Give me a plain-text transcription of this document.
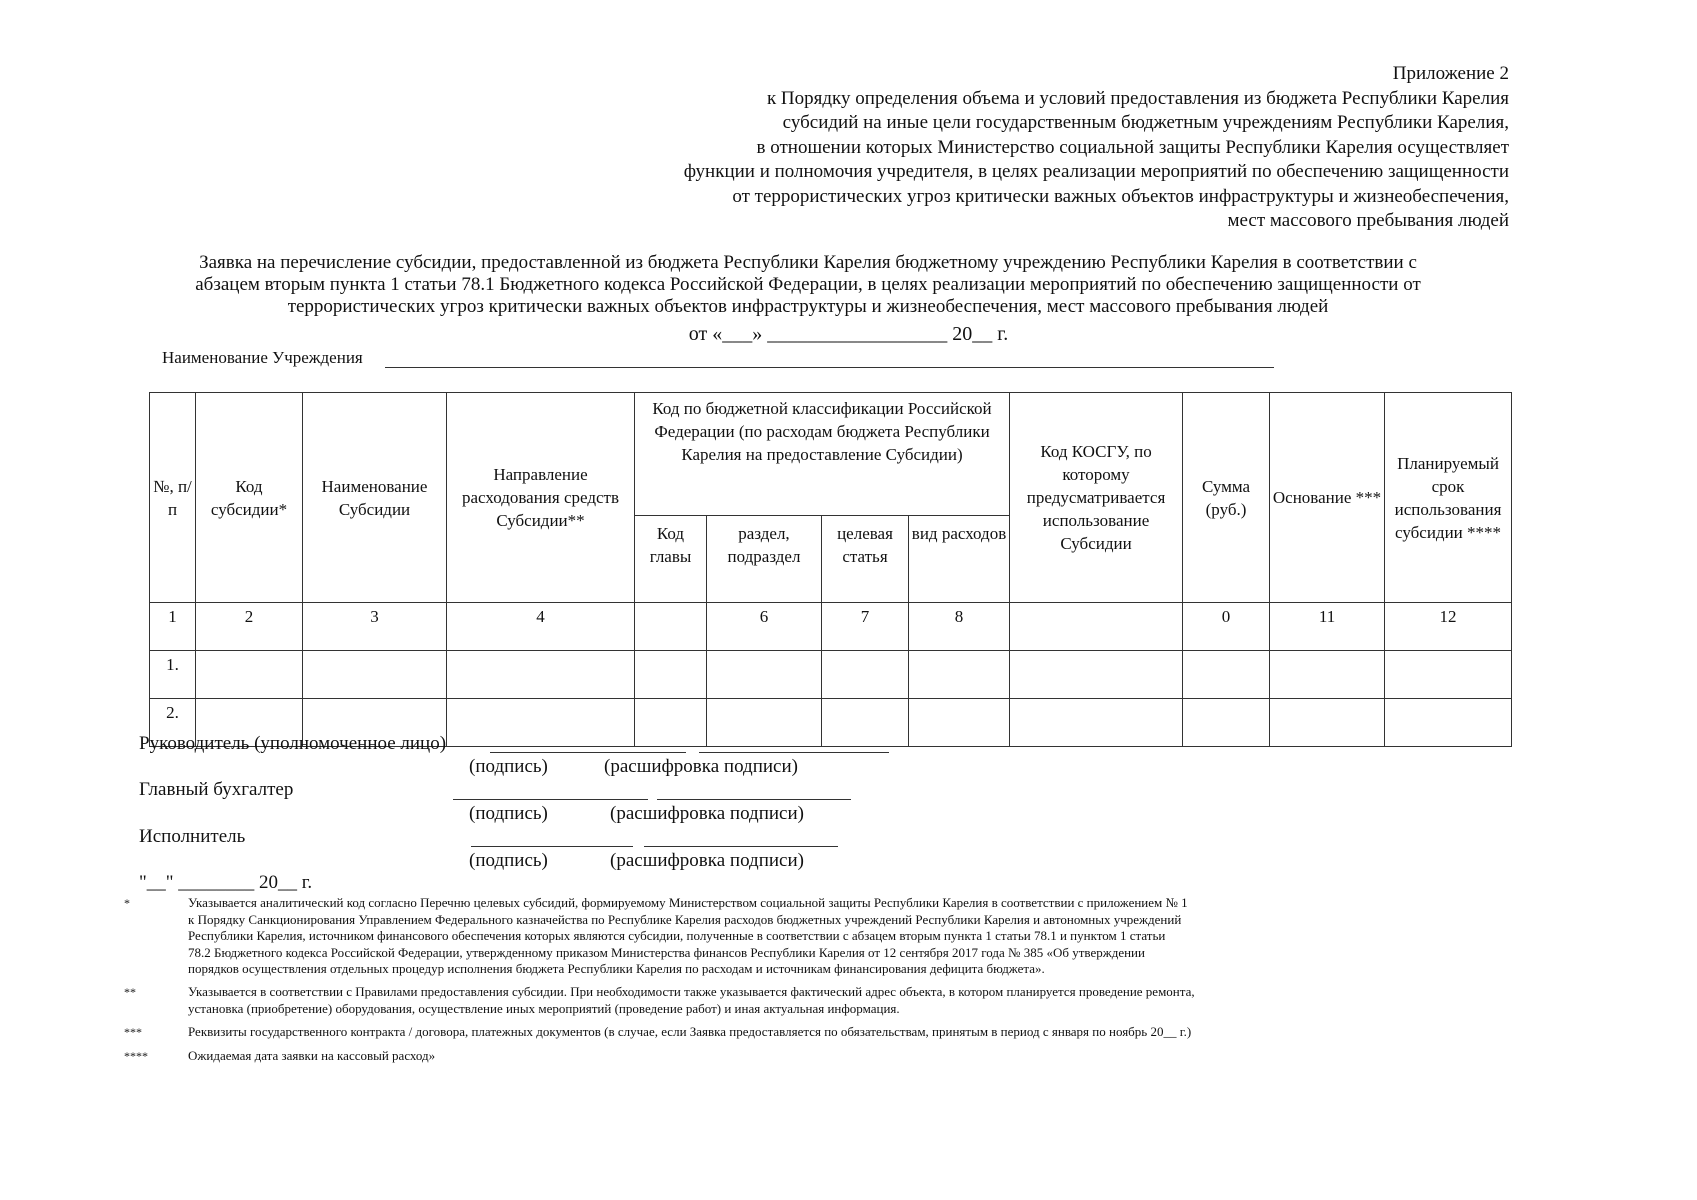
Приложение 2
к Порядку определения объема и условий предоставления из бюджета Республики Карелия
субсидий на иные цели государственным бюджетным учреждениям Республики Карелия,
в отношении которых Министерство социальной защиты Республики Карелия осуществляет
функции и полномочия учредителя, в целях реализации мероприятий по обеспечению защищенности
от террористических угроз критически важных объектов инфраструктуры и жизнеобеспечения,
мест массового пребывания людей
Заявка на перечисление субсидии, предоставленной из бюджета Республики Карелия бюджетному учреждению Республики Карелия в соответствии с
абзацем вторым пункта 1 статьи 78.1 Бюджетного кодекса Российской Федерации, в целях реализации мероприятий по обеспечению защищенности от
террористических угроз критически важных объектов инфраструктуры и жизнеобеспечения, мест массового пребывания людей
от «___» __________________ 20__ г.
Наименование Учреждения
№, п/п	Код субсидии*	Наименование Субсидии	Направление расходования средств Субсидии**	Код по бюджетной классификации Российской Федерации (по расходам бюджета Республики Карелия на предоставление Субсидии)				Код КОСГУ, по которому предусматривается использование Субсидии	Сумма (руб.)	Основание ***	Планируемый срок использования субсидии ****
				Код главы	раздел, подраздел	целевая статья	вид расходов				
1	2	3	4		6	7	8		0	11	12
1.											
2.											
Руководитель (уполномоченное лицо)
(подпись)	(расшифровка подписи)
Главный бухгалтер
(подпись)	(расшифровка подписи)
Исполнитель
(подпись)	(расшифровка подписи)
"__" ________ 20__ г.
*	Указывается аналитический код согласно Перечню целевых субсидий, формируемому Министерством социальной защиты Республики Карелия в соответствии с приложением № 1
к Порядку Санкционирования Управлением Федерального казначейства по Республике Карелия расходов бюджетных учреждений Республики Карелия и автономных учреждений
Республики Карелия, источником финансового обеспечения которых являются субсидии, полученные в соответствии с абзацем вторым пункта 1 статьи 78.1 и пунктом 1 статьи
78.2 Бюджетного кодекса Российской Федерации, утвержденному приказом Министерства финансов Республики Карелия от 12 сентября 2017 года № 385 «Об утверждении
порядков осуществления отдельных процедур исполнения бюджета Республики Карелия по расходам и источникам финансирования дефицита бюджета».
**	Указывается в соответствии с Правилами предоставления субсидии. При необходимости также указывается фактический адрес объекта, в котором планируется проведение ремонта,
установка (приобретение) оборудования, осуществление иных мероприятий (проведение работ) и иная актуальная информация.
***	Реквизиты государственного контракта / договора, платежных документов (в случае, если Заявка предоставляется по обязательствам, принятым в период с января по ноябрь 20__ г.)
****	Ожидаемая дата заявки на кассовый расход»
